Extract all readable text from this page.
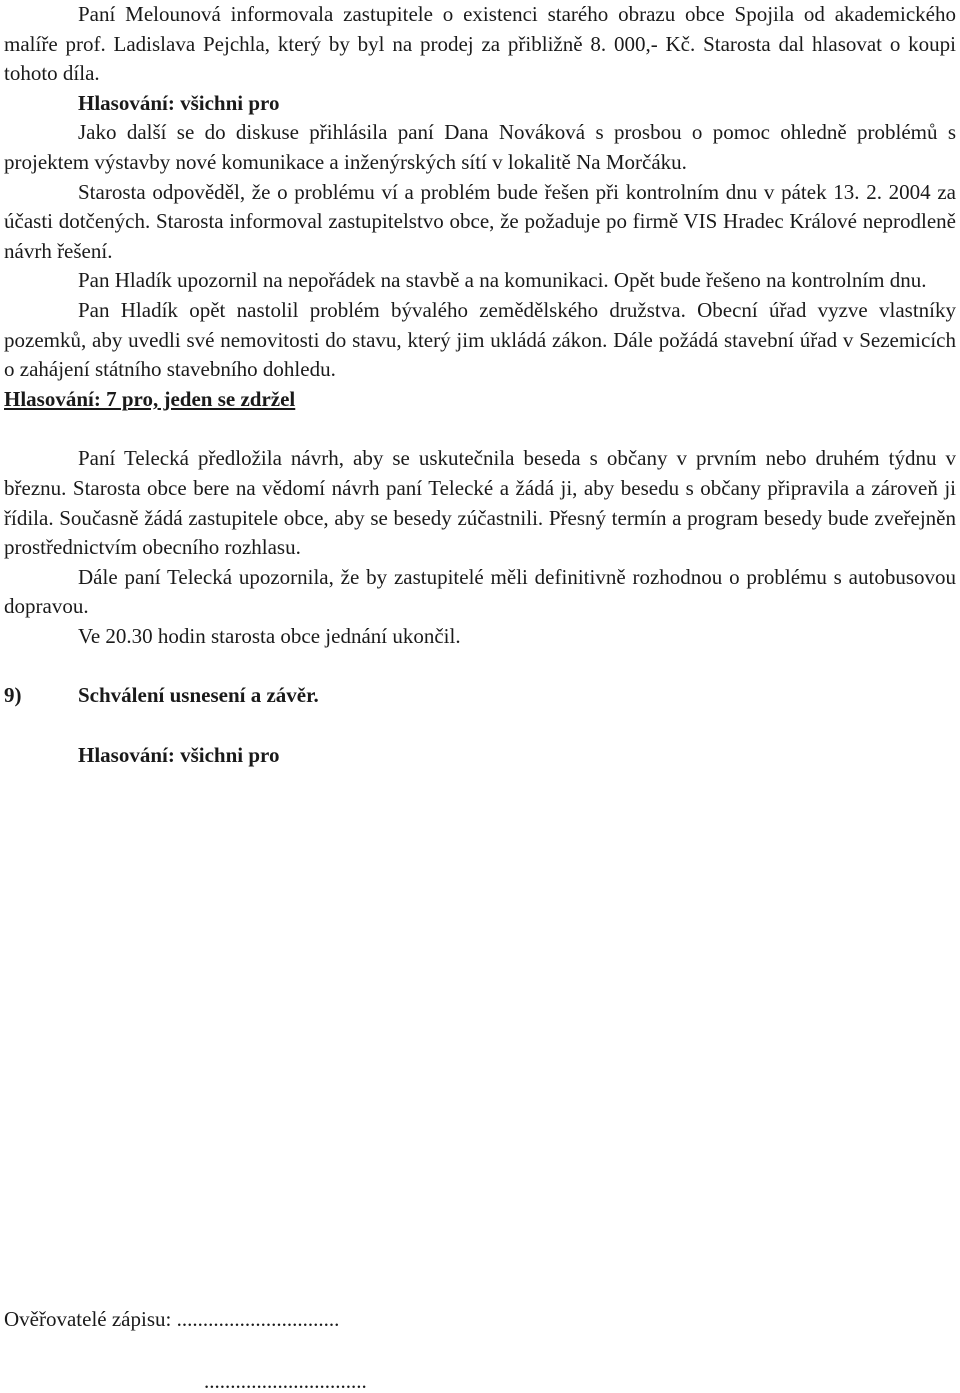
Paní Melounová informovala zastupitele o existenci starého obrazu obce Spojila od akademického malíře prof. Ladislava Pejchla, který by byl na prodej za přibližně 8. 000,- Kč. Starosta dal hlasovat o koupi tohoto díla.

Hlasování: všichni pro

Jako další se do diskuse přihlásila paní Dana Nováková s prosbou o pomoc ohledně problémů s projektem výstavby nové komunikace a inženýrských sítí v lokalitě Na Morčáku.

Starosta odpověděl, že o problému ví a problém bude řešen při kontrolním dnu v pátek 13. 2. 2004 za účasti dotčených. Starosta informoval zastupitelstvo obce, že požaduje po firmě VIS Hradec Králové neprodleně návrh řešení.

Pan Hladík upozornil na nepořádek na stavbě a na komunikaci. Opět bude řešeno na kontrolním dnu.

Pan Hladík opět nastolil problém bývalého zemědělského družstva. Obecní úřad vyzve vlastníky pozemků, aby uvedli své nemovitosti do stavu, který jim ukládá zákon. Dále požádá stavební úřad v Sezemicích o zahájení státního stavebního dohledu.

Hlasování: 7 pro, jeden se zdržel

Paní Telecká předložila návrh, aby se uskutečnila beseda s občany v prvním nebo druhém týdnu v březnu. Starosta obce bere na vědomí návrh paní Telecké a žádá ji, aby besedu s občany připravila a zároveň ji řídila. Současně žádá zastupitele obce, aby se besedy zúčastnili. Přesný termín a program besedy bude zveřejněn prostřednictvím obecního rozhlasu.

Dále paní Telecká upozornila, že by zastupitelé měli definitivně rozhodnou o problému s autobusovou dopravou.

Ve 20.30 hodin starosta obce jednání ukončil.

9)	Schválení usnesení a závěr.

Hlasování: všichni pro

Ověřovatelé zápisu: ...............................
...............................
